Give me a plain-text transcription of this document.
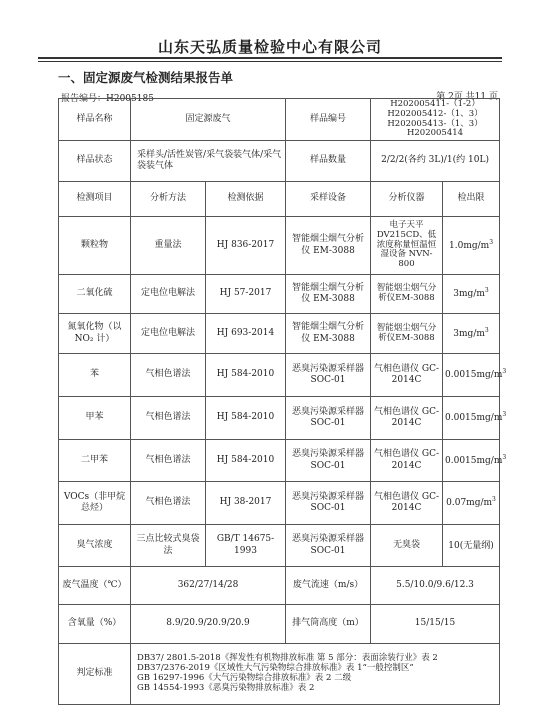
山东天弘质量检验中心有限公司
一、固定源废气检测结果报告单
报告编号：H2005185	第 2页 共11 页
样品名称	固定源废气		样品编号	H202005411-（1-2）
H202005412-（1、3）
H202005413-（1、3）
H202005414	

样品状态	采样头/活性炭管/采气袋装气体/采气袋装气体		样品数量	2/2/2(各约 3L)/1(约 10L)	
检测项目	分析方法	检测依据	采样设备	分析仪器	检出限
颗粒物	重量法	HJ 836-2017	智能烟尘烟气分析仪 EM-3088	电子天平DV215CD、低浓度称量恒温恒湿设备 NVN-800	$1.0mg/m^3$
二氧化硫	定电位电解法	HJ 57-2017	智能烟尘烟气分析仪 EM-3088	智能烟尘烟气分析仪EM-3088	$3mg/m^3$
氮氧化物（以 NO₂ 计）	定电位电解法	HJ 693-2014	智能烟尘烟气分析仪 EM-3088	智能烟尘烟气分析仪EM-3088	$3mg/m^3$
苯	气相色谱法	HJ 584-2010	恶臭污染源采样器 SOC-01	气相色谱仪 GC-2014C	$0.0015mg/m^3$
甲苯	气相色谱法	HJ 584-2010	恶臭污染源采样器 SOC-01	气相色谱仪 GC-2014C	$0.0015mg/m^3$
二甲苯	气相色谱法	HJ 584-2010	恶臭污染源采样器 SOC-01	气相色谱仪 GC-2014C	$0.0015mg/m^3$
VOCs（非甲烷总烃）	气相色谱法	HJ 38-2017	恶臭污染源采样器 SOC-01	气相色谱仪 GC-2014C	$0.07mg/m^3$
臭气浓度	三点比较式臭袋法	GB/T 14675-1993	恶臭污染源采样器 SOC-01	无臭袋	10(无量纲)
废气温度（℃）	362/27/14/28		废气流速（m/s）	5.5/10.0/9.6/12.3	
含氧量（%）	8.9/20.9/20.9/20.9		排气筒高度（m）	15/15/15	
判定标准	DB37/ 2801.5-2018《挥发性有机物排放标准 第 5 部分：表面涂装行业》表 2
DB37/2376-2019《区域性大气污染物综合排放标准》表 1“一般控制区”
GB 16297-1996《大气污染物综合排放标准》表 2 二级
GB 14554-1993《恶臭污染物排放标准》表 2				
